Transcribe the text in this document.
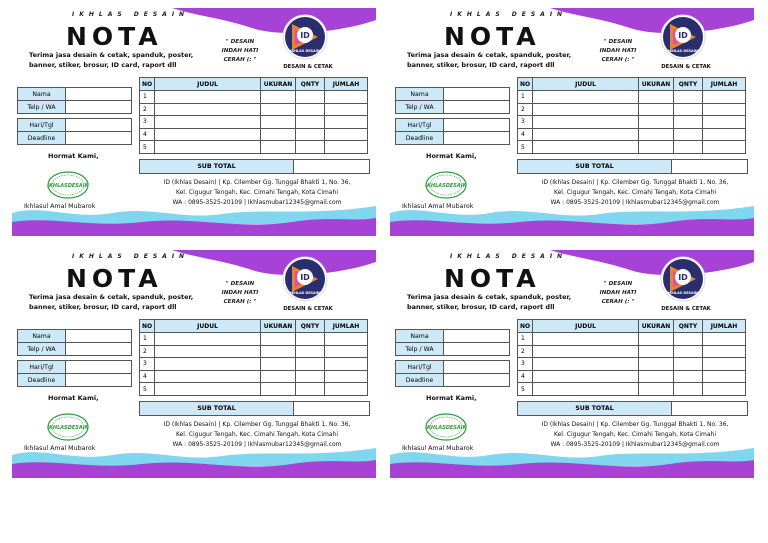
IKHLAS DESAIN
NOTA
Terima jasa desain & cetak, spanduk, poster, banner, stiker, brosur, ID card, raport dll
" DESAIN
INDAH HATI
CERAH (: "
ID
IKHLAS DESAIN
DESAIN & CETAK
Nama
Telp / WA
Hari/Tgl
Deadline
NO	JUDUL	UKURAN	QNTY	JUMLAH
1				
2				
3				
4				
5				
SUB TOTAL
Hormat Kami,
IKHLASDESAIN
Ikhlasul Amal Mubarok
ID (Ikhlas Desain) | Kp. Cilember Gg. Tunggal Bhakti 1, No. 36,
Kel. Cigugur Tengah, Kec. Cimahi Tengah, Kota Cimahi
WA : 0895-3525-20109 | Ikhlasmubar12345@gmail.com
IKHLAS DESAIN
NOTA
Terima jasa desain & cetak, spanduk, poster, banner, stiker, brosur, ID card, raport dll
" DESAIN
INDAH HATI
CERAH (: "
ID
IKHLAS DESAIN
DESAIN & CETAK
Nama
Telp / WA
Hari/Tgl
Deadline
NO	JUDUL	UKURAN	QNTY	JUMLAH
1				
2				
3				
4				
5				
SUB TOTAL
Hormat Kami,
IKHLASDESAIN
Ikhlasul Amal Mubarok
ID (Ikhlas Desain) | Kp. Cilember Gg. Tunggal Bhakti 1, No. 36,
Kel. Cigugur Tengah, Kec. Cimahi Tengah, Kota Cimahi
WA : 0895-3525-20109 | Ikhlasmubar12345@gmail.com
IKHLAS DESAIN
NOTA
Terima jasa desain & cetak, spanduk, poster, banner, stiker, brosur, ID card, raport dll
" DESAIN
INDAH HATI
CERAH (: "
ID
IKHLAS DESAIN
DESAIN & CETAK
Nama
Telp / WA
Hari/Tgl
Deadline
NO	JUDUL	UKURAN	QNTY	JUMLAH
1				
2				
3				
4				
5				
SUB TOTAL
Hormat Kami,
IKHLASDESAIN
Ikhlasul Amal Mubarok
ID (Ikhlas Desain) | Kp. Cilember Gg. Tunggal Bhakti 1, No. 36,
Kel. Cigugur Tengah, Kec. Cimahi Tengah, Kota Cimahi
WA : 0895-3525-20109 | Ikhlasmubar12345@gmail.com
IKHLAS DESAIN
NOTA
Terima jasa desain & cetak, spanduk, poster, banner, stiker, brosur, ID card, raport dll
" DESAIN
INDAH HATI
CERAH (: "
ID
IKHLAS DESAIN
DESAIN & CETAK
Nama
Telp / WA
Hari/Tgl
Deadline
NO	JUDUL	UKURAN	QNTY	JUMLAH
1				
2				
3				
4				
5				
SUB TOTAL
Hormat Kami,
IKHLASDESAIN
Ikhlasul Amal Mubarok
ID (Ikhlas Desain) | Kp. Cilember Gg. Tunggal Bhakti 1, No. 36,
Kel. Cigugur Tengah, Kec. Cimahi Tengah, Kota Cimahi
WA : 0895-3525-20109 | Ikhlasmubar12345@gmail.com
